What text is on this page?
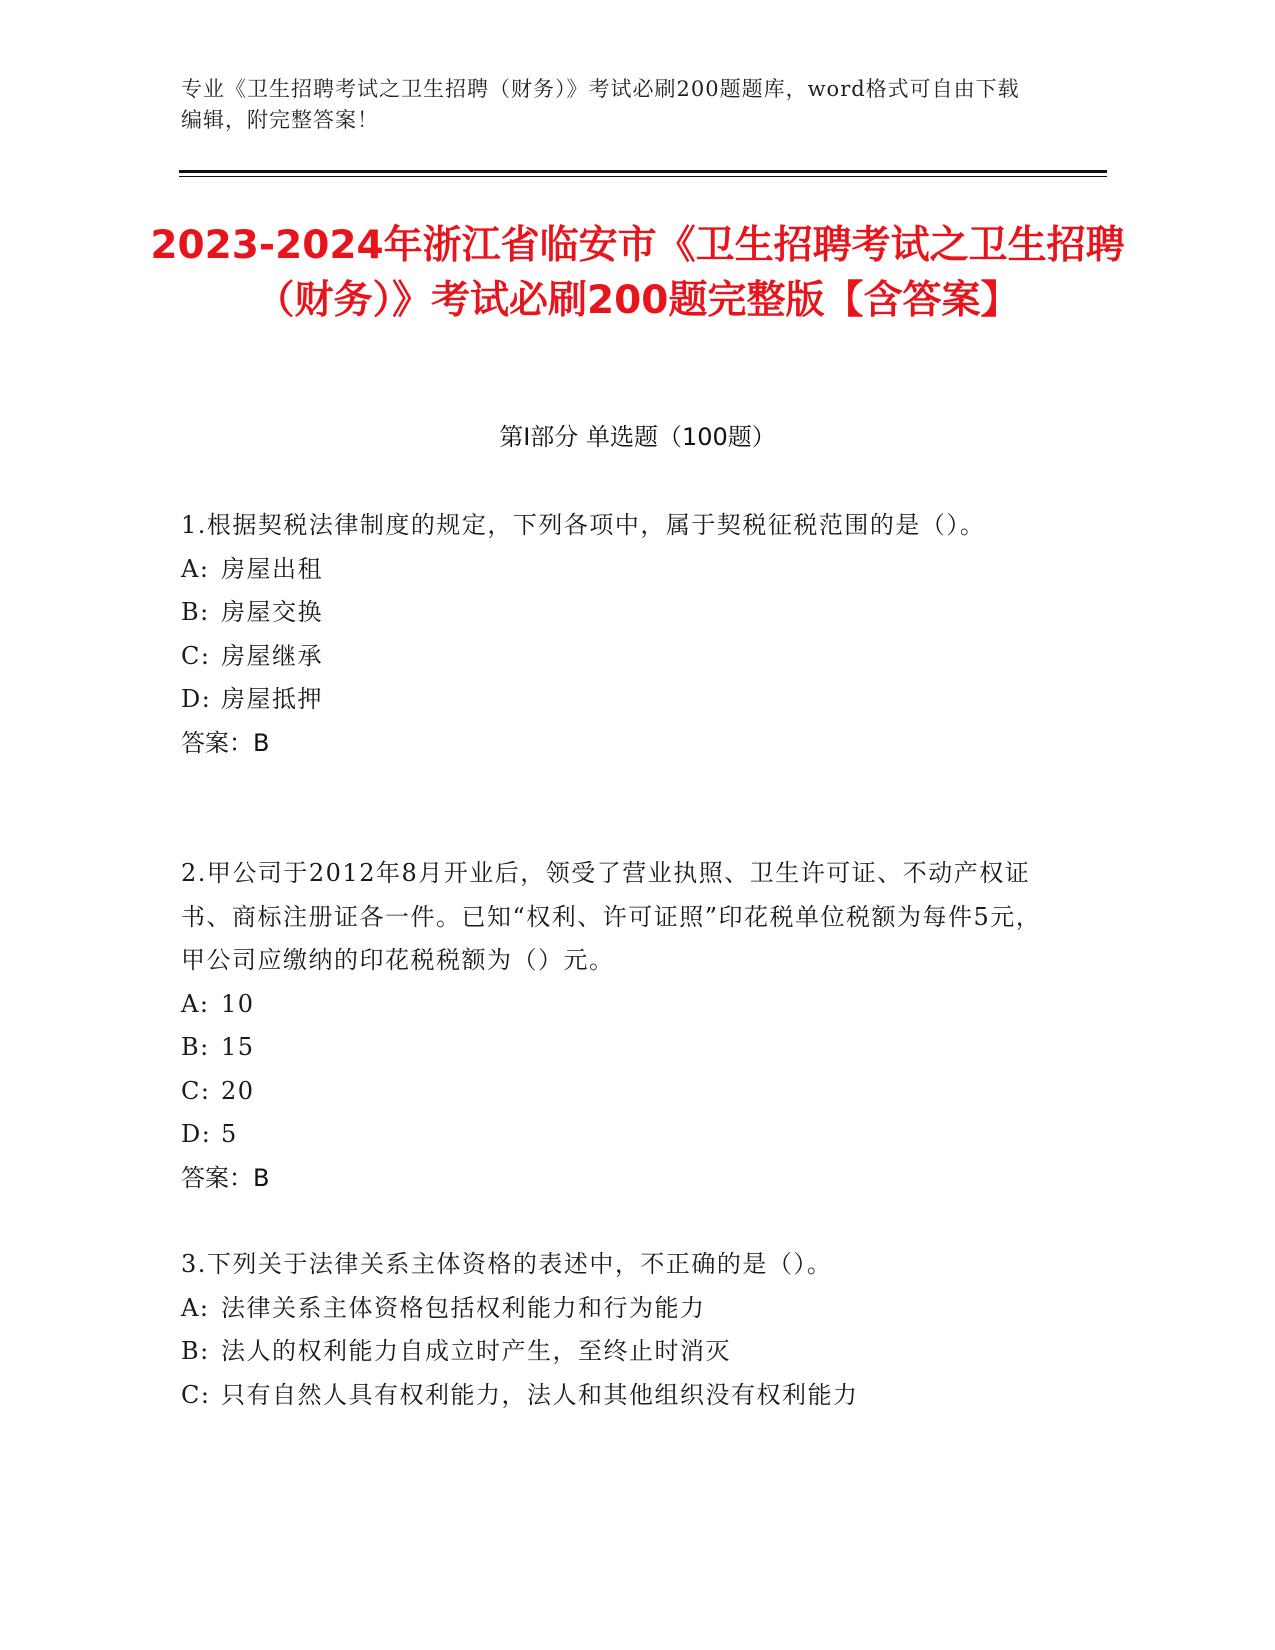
专业《卫生招聘考试之卫生招聘（财务）》考试必刷200题题库，word格式可自由下载编辑，附完整答案！
2023-2024年浙江省临安市《卫生招聘考试之卫生招聘（财务）》考试必刷200题完整版【含答案】
第Ⅰ部分 单选题（100题）

1.根据契税法律制度的规定，下列各项中，属于契税征税范围的是（）。

A: 房屋出租

B: 房屋交换

C: 房屋继承

D: 房屋抵押

答案：B

2.甲公司于2012年8月开业后，领受了营业执照、卫生许可证、不动产权证书、商标注册证各一件。已知“权利、许可证照”印花税单位税额为每件5元，甲公司应缴纳的印花税税额为（）元。

A: 10

B: 15

C: 20

D: 5

答案：B

3.下列关于法律关系主体资格的表述中，不正确的是（）。

A: 法律关系主体资格包括权利能力和行为能力

B: 法人的权利能力自成立时产生，至终止时消灭

C: 只有自然人具有权利能力，法人和其他组织没有权利能力
